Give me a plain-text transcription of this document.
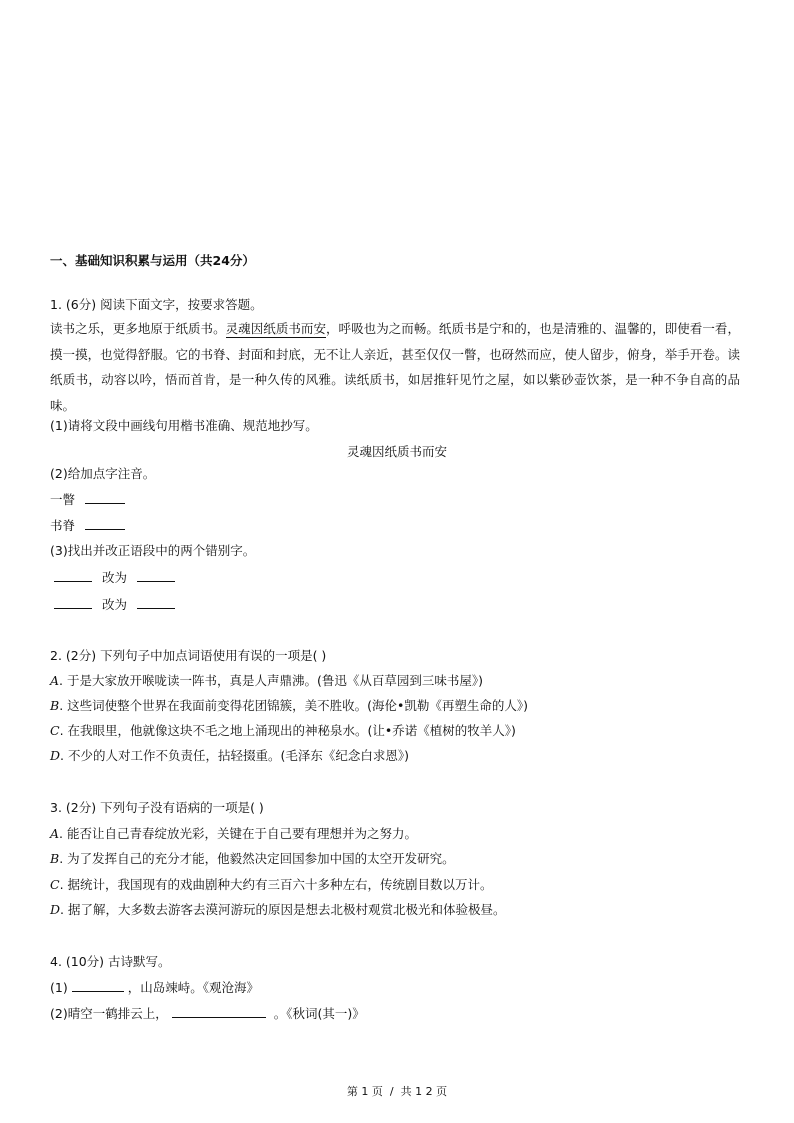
一、基础知识积累与运用（共24分）
1. (6分) 阅读下面文字，按要求答题。
读书之乐，更多地原于纸质书。灵魂因纸质书而安，呼吸也为之而畅。纸质书是宁和的，也是清雅的、温馨的，即使看一看，摸一摸，也觉得舒服。它的书脊、封面和封底，无不让人亲近，甚至仅仅一瞥，也砑然而应，使人留步，俯身，举手开卷。读纸质书，动容以吟，悟而首肯，是一种久传的风雅。读纸质书，如居推轩见竹之屋，如以紫砂壶饮茶，是一种不争自高的品味。
(1)请将文段中画线句用楷书准确、规范地抄写。
灵魂因纸质书而安
(2)给加点字注音。
一瞥
书脊
(3)找出并改正语段中的两个错别字。
改为
改为
2. (2分) 下列句子中加点词语使用有误的一项是( )
A. 于是大家放开喉咙读一阵书，真是人声鼎沸。(鲁迅《从百草园到三味书屋》)
B. 这些词使整个世界在我面前变得花团锦簇，美不胜收。(海伦•凯勒《再塑生命的人》)
C. 在我眼里，他就像这块不毛之地上涌现出的神秘泉水。(让•乔诺《植树的牧羊人》)
D. 不少的人对工作不负责任，拈轻掇重。(毛泽东《纪念白求恩》)
3. (2分) 下列句子没有语病的一项是( )
A. 能否让自己青春绽放光彩，关键在于自己要有理想并为之努力。
B. 为了发挥自己的充分才能，他毅然决定回国参加中国的太空开发研究。
C. 据统计，我国现有的戏曲剧种大约有三百六十多种左右，传统剧目数以万计。
D. 据了解，大多数去游客去漠河游玩的原因是想去北极村观赏北极光和体验极昼。
4. (10分) 古诗默写。
(1)	，山岛竦峙。《观沧海》
(2)晴空一鹤排云上，	。《秋词(其一)》
第 1 页  /  共 1 2 页
